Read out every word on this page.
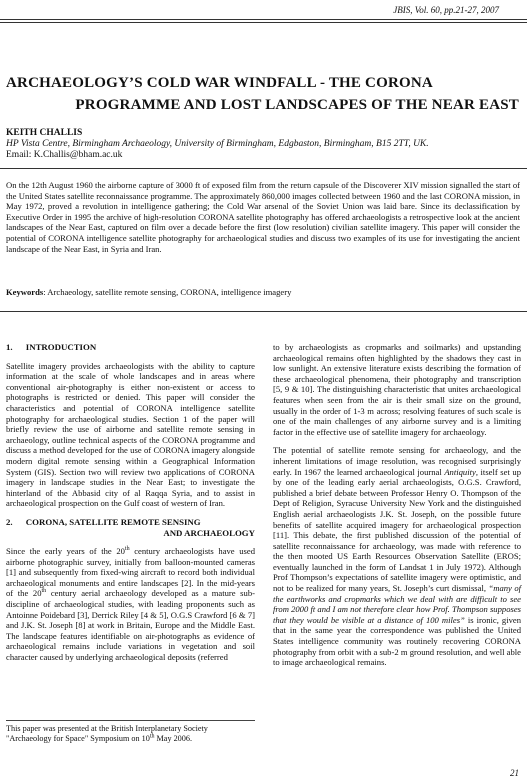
JBIS, Vol. 60, pp.21-27, 2007
ARCHAEOLOGY’S COLD WAR WINDFALL - THE CORONA
PROGRAMME AND LOST LANDSCAPES OF THE NEAR EAST
KEITH CHALLIS
HP Vista Centre, Birmingham Archaeology, University of Birmingham, Edgbaston, Birmingham, B15 2TT, UK.
Email: K.Challis@bham.ac.uk
On the 12th August 1960 the airborne capture of 3000 ft of exposed film from the return capsule of the Discoverer XIV mission signalled the start of the United States satellite reconnaissance programme. The approximately 860,000 images collected between 1960 and the last CORONA mission, in May 1972, proved a revolution in intelligence gathering; the Cold War arsenal of the Soviet Union was laid bare. Since its declassification by Executive Order in 1995 the archive of high-resolution CORONA satellite photography has offered archaeologists a retrospective look at the ancient landscapes of the Near East, captured on film over a decade before the first (low resolution) civilian satellite imagery. This paper will consider the potential of CORONA intelligence satellite photography for archaeological studies and discuss two examples of its use for investigating the ancient landscape of the Near East, in Syria and Iran.
Keywords: Archaeology, satellite remote sensing, CORONA, intelligence imagery
1.      INTRODUCTION

Satellite imagery provides archaeologists with the ability to capture information at the scale of whole landscapes and in areas where conventional air-photography is either non-existent or access to photographs is restricted or denied. This paper will consider the characteristics and potential of CORONA intelligence satellite photography for archaeological studies. Section 1 of the paper will briefly review the use of airborne and satellite remote sensing in archaeology, outline technical aspects of the CORONA programme and discuss a method developed for the use of CORONA imagery alongside modern digital remote sensing within a Geographical Information System (GIS). Section two will review two applications of CORONA imagery in landscape studies in the Near East; to investigate the hinterland of the Abbasid city of al Raqqa Syria, and to assist in archaeological prospection on the Gulf coast of western of Iran.

2.      CORONA, SATELLITE REMOTE SENSING
AND ARCHAEOLOGY

Since the early years of the 20th century archaeologists have used airborne photographic survey, initially from balloon-mounted cameras [1] and subsequently from fixed-wing aircraft to record both individual archaeological monuments and entire landscapes [2]. In the mid-years of the 20th century aerial archaeology developed as a mature sub-discipline of archaeological studies, with leading proponents such as Antoinne Poidebard [3], Derrick Riley [4 & 5], O.G.S Crawford [6 & 7] and J.K. St. Joseph [8] at work in Britain, Europe and the Middle East. The landscape features identifiable on air-photographs as evidence of archaeological remains include variations in vegetation and soil character caused by underlying archaeological deposits (referred

to by archaeologists as cropmarks and soilmarks) and upstanding archaeological remains often highlighted by the shadows they cast in low sunlight. An extensive literature exists describing the formation of these archaeological phenomena, their photography and transcription [5, 9 & 10]. The distinguishing characteristic that unites archaeological features when seen from the air is their small size on the ground, usually in the order of 1-3 m across; resolving features of such scale is one of the main challenges of any airborne survey and is a limiting factor in the effective use of satellite imagery for archaeology.

The potential of satellite remote sensing for archaeology, and the inherent limitations of image resolution, was recognised surprisingly early. In 1967 the learned archaeological journal Antiquity, itself set up by one of the leading early aerial archaeologists, O.G.S. Crawford, published a brief debate between Professor Henry O. Thompson of the Dept of Religion, Syracuse University New York and the distinguished English aerial archaeologists J.K. St. Joseph, on the possible future benefits of satellite acquired imagery for archaeological prospection [11]. This debate, the first published discussion of the potential of satellite reconnaissance for archaeology, was made with reference to the then mooted US Earth Resources Observation Satellite (EROS; eventually launched in the form of Landsat 1 in July 1972). Although Prof Thompson’s expectations of satellite imagery were optimistic, and not to be realized for many years, St. Joseph’s curt dismissal, “many of the earthworks and cropmarks which we deal with are difficult to see from 2000 ft and I am not therefore clear how Prof. Thompson supposes that they would be visible at a distance of 100 miles” is ironic, given that in the same year the correspondence was published the United States intelligence community was routinely recovering CORONA photography from orbit with a sub-2 m ground resolution, and well able to image archaeological remains.

This paper was presented at the British Interplanetary Society
"Archaeology for Space" Symposium on 10th May 2006.
21
